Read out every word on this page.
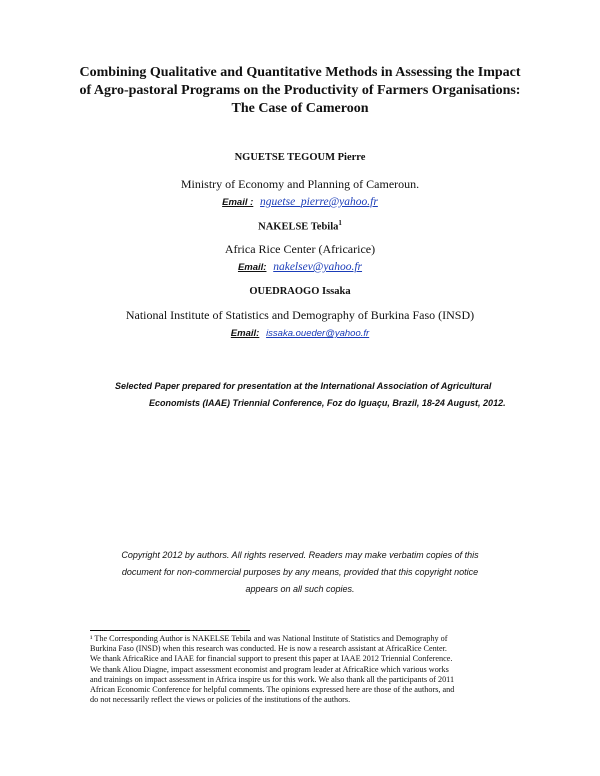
Combining Qualitative and Quantitative Methods in Assessing the Impact
of Agro-pastoral Programs on the Productivity of Farmers Organisations:
The Case of Cameroon
NGUETSE TEGOUM Pierre
Ministry of Economy and Planning of Cameroun.
Email : nguetse_pierre@yahoo.fr
NAKELSE Tebila$^1$
Africa Rice Center (Africarice)
Email: nakelsev@yahoo.fr
OUEDRAOGO Issaka
National Institute of Statistics and Demography of Burkina Faso (INSD)
Email: issaka.oueder@yahoo.fr
Selected Paper prepared for presentation at the International Association of Agricultural
Economists (IAAE) Triennial Conference, Foz do Iguaçu, Brazil, 18-24 August, 2012.
Copyright 2012 by authors. All rights reserved. Readers may make verbatim copies of this
document for non-commercial purposes by any means, provided that this copyright notice
appears on all such copies.
¹ The Corresponding Author is NAKELSE Tebila and was National Institute of Statistics and Demography of
Burkina Faso (INSD) when this research was conducted. He is now a research assistant at AfricaRice Center.
We thank AfricaRice and IAAE for financial support to present this paper at IAAE 2012 Triennial Conference.
We thank Aliou Diagne, impact assessment economist and program leader at AfricaRice which various works
and trainings on impact assessment in Africa inspire us for this work. We also thank all the participants of 2011
African Economic Conference for helpful comments. The opinions expressed here are those of the authors, and
do not necessarily reflect the views or policies of the institutions of the authors.
